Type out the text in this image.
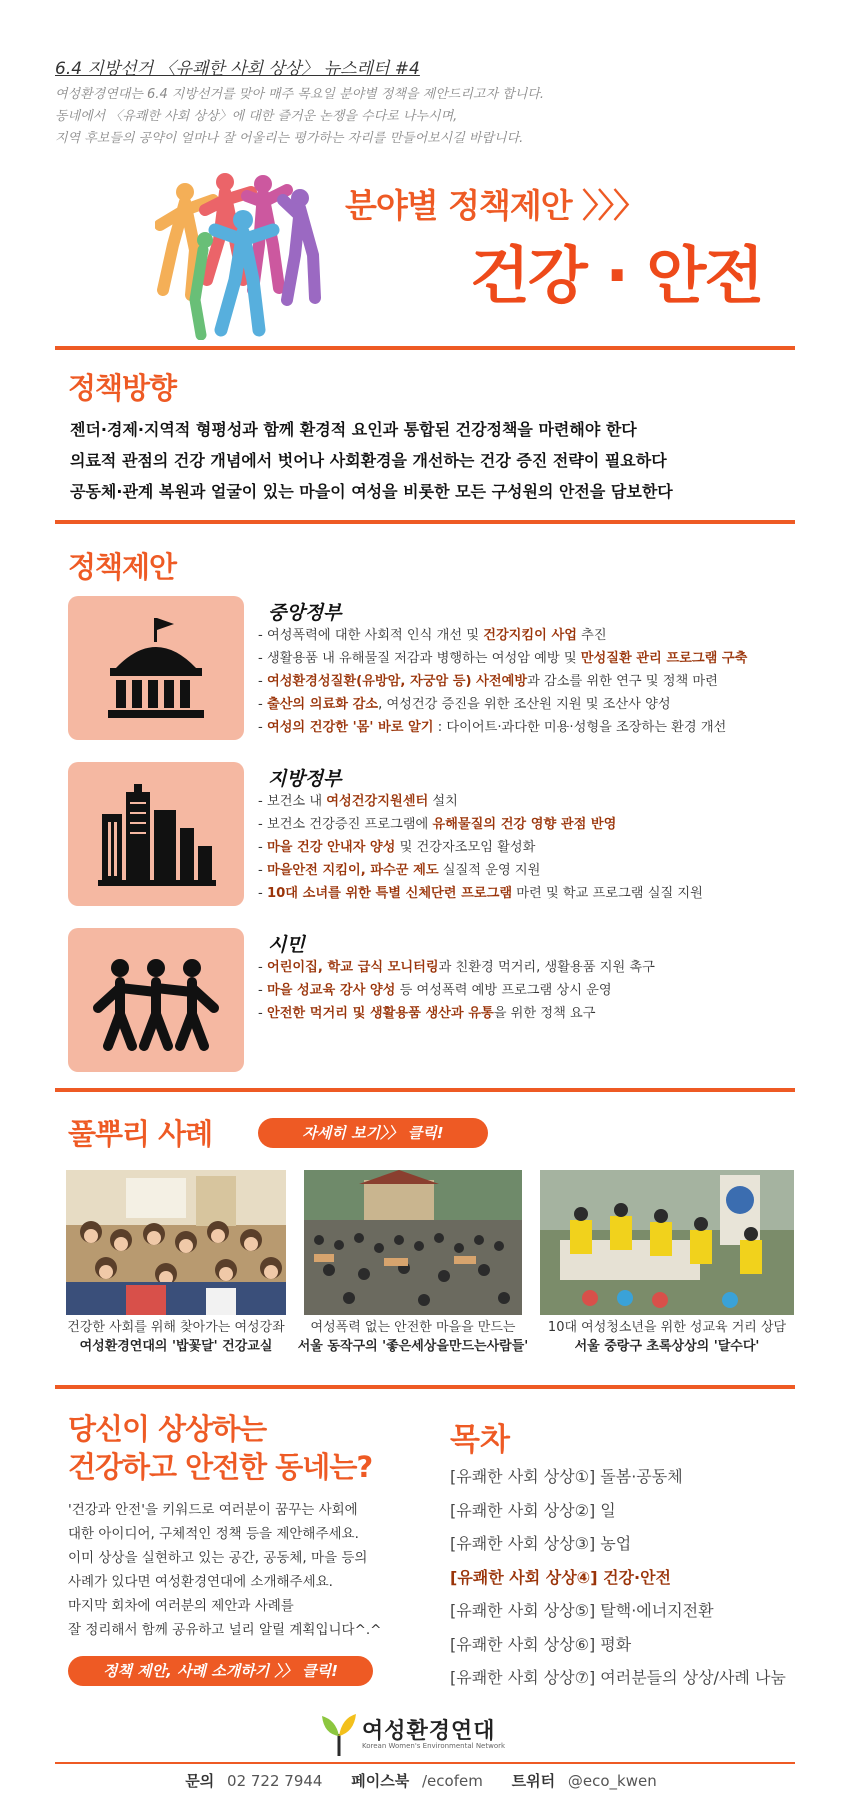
6.4 지방선거 〈유쾌한 사회 상상〉 뉴스레터 #4

여성환경연대는 6.4 지방선거를 맞아 매주 목요일 분야별 정책을 제안드리고자 합니다.

동네에서 〈유쾌한 사회 상상〉에 대한 즐거운 논쟁을 수다로 나누시며,

지역 후보들의 공약이 얼마나 잘 어울리는 평가하는 자리를 만들어보시길 바랍니다.

분야별 정책제안 〉〉〉
건강 · 안전
정책방향

젠더·경제·지역적 형평성과 함께 환경적 요인과 통합된 건강정책을 마련해야 한다

의료적 관점의 건강 개념에서 벗어나 사회환경을 개선하는 건강 증진 전략이 필요하다

공동체·관계 복원과 얼굴이 있는 마을이 여성을 비롯한 모든 구성원의 안전을 담보한다

정책제안
중앙정부
- 여성폭력에 대한 사회적 인식 개선 및 건강지킴이 사업 추진
- 생활용품 내 유해물질 저감과 병행하는 여성암 예방 및 만성질환 관리 프로그램 구축
- 여성환경성질환(유방암, 자궁암 등) 사전예방과 감소를 위한 연구 및 정책 마련
- 출산의 의료화 감소, 여성건강 증진을 위한 조산원 지원 및 조산사 양성
- 여성의 건강한 '몸' 바로 알기 : 다이어트·과다한 미용·성형을 조장하는 환경 개선
지방정부
- 보건소 내 여성건강지원센터 설치
- 보건소 건강증진 프로그램에 유해물질의 건강 영향 관점 반영
- 마을 건강 안내자 양성 및 건강자조모임 활성화
- 마을안전 지킴이, 파수꾼 제도 실질적 운영 지원
- 10대 소녀를 위한 특별 신체단련 프로그램 마련 및 학교 프로그램 실질 지원
시민
- 어린이집, 학교 급식 모니터링과 친환경 먹거리, 생활용품 지원 촉구
- 마을 성교육 강사 양성 등 여성폭력 예방 프로그램 상시 운영
- 안전한 먹거리 및 생활용품 생산과 유통을 위한 정책 요구
풀뿌리 사례	자세히 보기〉〉 클릭!
건강한 사회를 위해 찾아가는 여성강좌
여성환경연대의 '밥꽃달' 건강교실
여성폭력 없는 안전한 마을을 만드는
서울 동작구의 '좋은세상을만드는사람들'
10대 여성청소년을 위한 성교육 거리 상담
서울 중랑구 초록상상의 '달수다'
당신이 상상하는
건강하고 안전한 동네는?

'건강과 안전'을 키워드로 여러분이 꿈꾸는 사회에

대한 아이디어, 구체적인 정책 등을 제안해주세요.

이미 상상을 실현하고 있는 공간, 공동체, 마을 등의

사례가 있다면 여성환경연대에 소개해주세요.

마지막 회차에 여러분의 제안과 사례를

잘 정리해서 함께 공유하고 널리 알릴 계획입니다^.^

정책 제안, 사례 소개하기 〉〉 클릭!
목차
[유쾌한 사회 상상①] 돌봄·공동체
[유쾌한 사회 상상②] 일
[유쾌한 사회 상상③] 농업
[유쾌한 사회 상상④] 건강·안전
[유쾌한 사회 상상⑤] 탈핵·에너지전환
[유쾌한 사회 상상⑥] 평화
[유쾌한 사회 상상⑦] 여러분들의 상상/사례 나눔
여성환경연대
Korean Women's Environmental Network
문의 02 722 7944 페이스북 /ecofem 트위터 @eco_kwen
